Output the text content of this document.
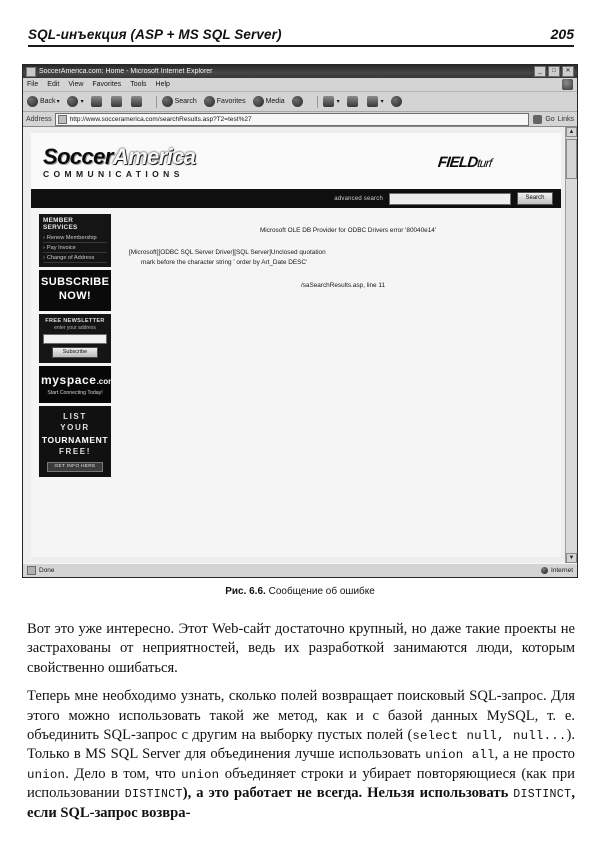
SQL-инъекция (ASP + MS SQL Server)	205
SoccerAmerica.com: Home - Microsoft Internet Explorer	_	□	✕
File Edit View Favorites Tools Help
Back ▾	▾	Search	Favorites	Media	▾	▾
Address	http://www.socceramerica.com/searchResults.asp?T2=test%27	Go Links
▲
▼
SoccerAmerica
COMMUNICATIONS
FIELDturf
advanced search	Search
MEMBER SERVICES
› Renew Membership
› Pay Invoice
› Change of Address
SUBSCRIBE
NOW!
FREE NEWSLETTER
enter your address
Subscribe
myspace.com
Start Connecting Today!
LIST
YOUR
TOURNAMENT
FREE!
GET INFO HERE
Microsoft OLE DB Provider for ODBC Drivers error '80040e14'
[Microsoft][ODBC SQL Server Driver][SQL Server]Unclosed quotation
mark before the character string ' order by Art_Date DESC'
/saSearchResults.asp, line 11
Done	Internet
Рис. 6.6. Сообщение об ошибке

Вот это уже интересно. Этот Web-сайт достаточно крупный, но даже такие проекты не застрахованы от неприятностей, ведь их разработкой занимаются люди, которым свойственно ошибаться.

Теперь мне необходимо узнать, сколько полей возвращает поисковый SQL-запрос. Для этого можно использовать такой же метод, как и с базой данных MySQL, т. е. объединить SQL-запрос с другим на выборку пустых полей (select null, null...). Только в MS SQL Server для объединения лучше использовать union all, а не просто union. Дело в том, что union объединяет строки и убирает повторяющиеся (как при использовании DISTINCT), а это работает не всегда. Нельзя использовать DISTINCT, если SQL-запрос возвра-
